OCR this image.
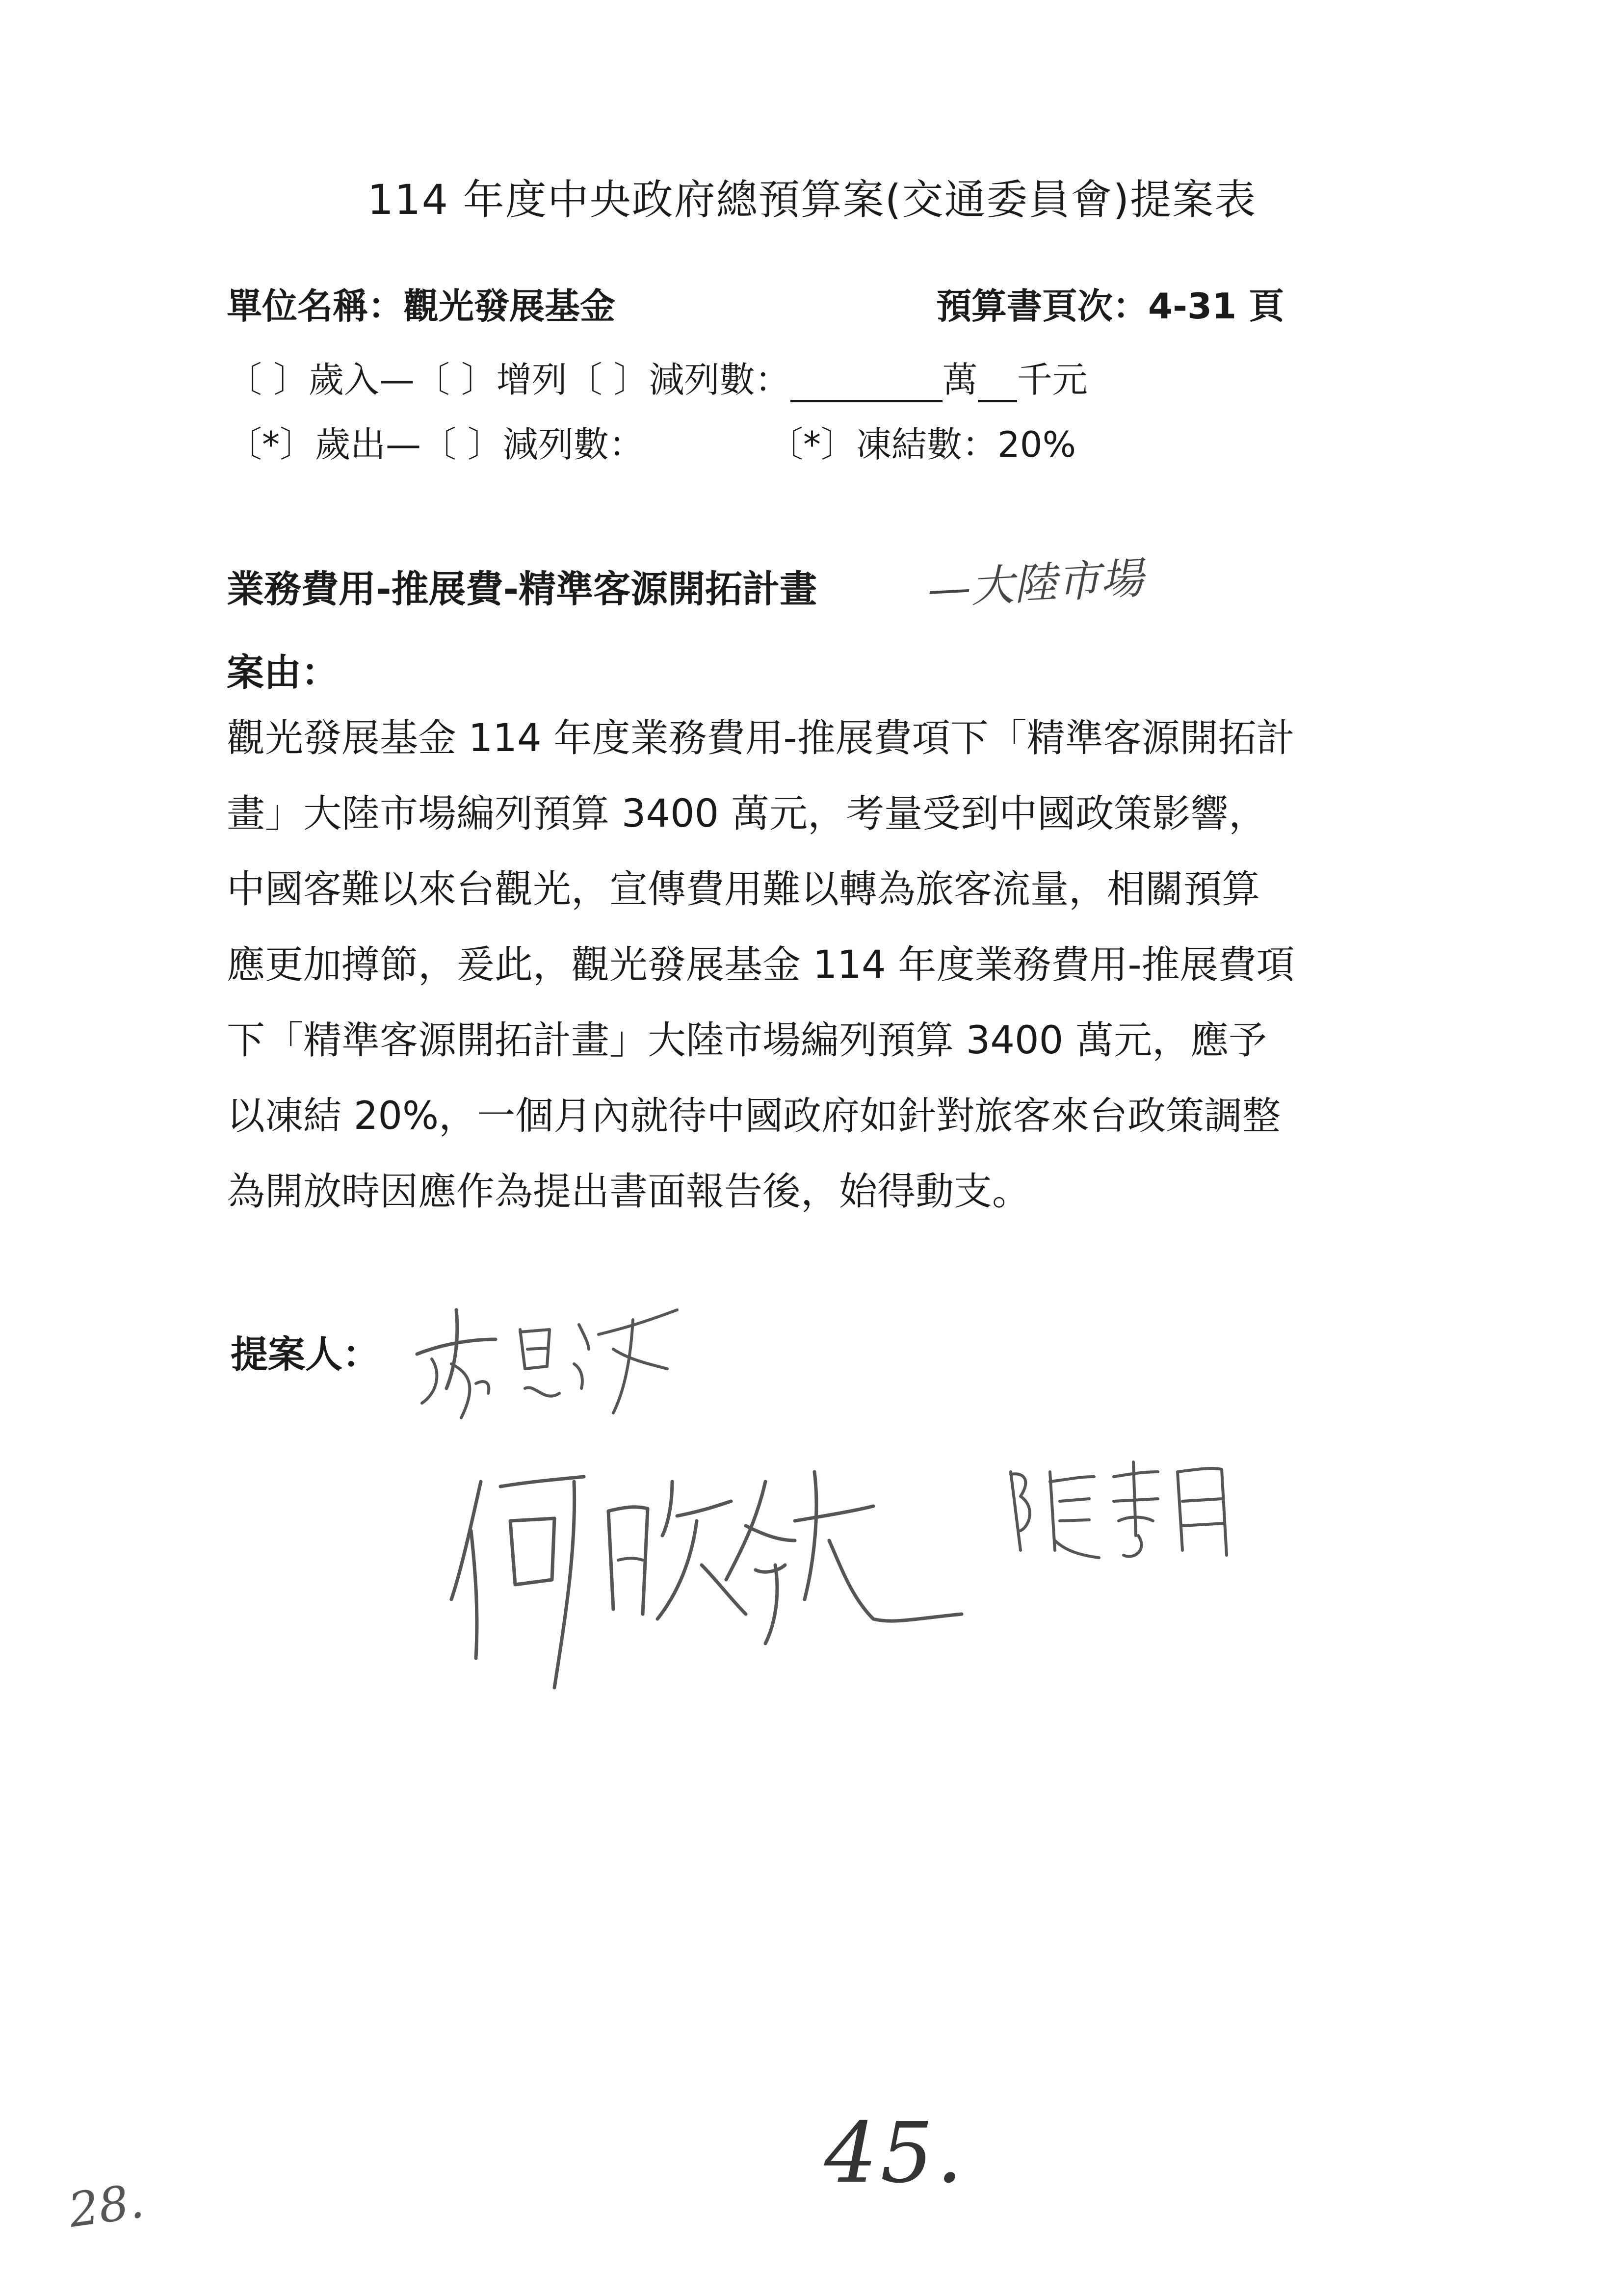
114 年度中央政府總預算案(交通委員會)提案表
單位名稱：觀光發展基金	預算書頁次：4-31 頁
〔 〕歲入—〔 〕增列〔 〕減列數：	萬 千元
〔*〕歲出—〔 〕減列數：	〔*〕凍結數：20%
業務費用-推展費-精準客源開拓計畫	—大陸市場
案由：
觀光發展基金 114 年度業務費用-推展費項下「精準客源開拓計
畫」大陸市場編列預算 3400 萬元，考量受到中國政策影響，
中國客難以來台觀光，宣傳費用難以轉為旅客流量，相關預算
應更加撙節，爰此，觀光發展基金 114 年度業務費用-推展費項
下「精準客源開拓計畫」大陸市場編列預算 3400 萬元，應予
以凍結 20%，一個月內就待中國政府如針對旅客來台政策調整
為開放時因應作為提出書面報告後，始得動支。
提案人：
45.
28.
